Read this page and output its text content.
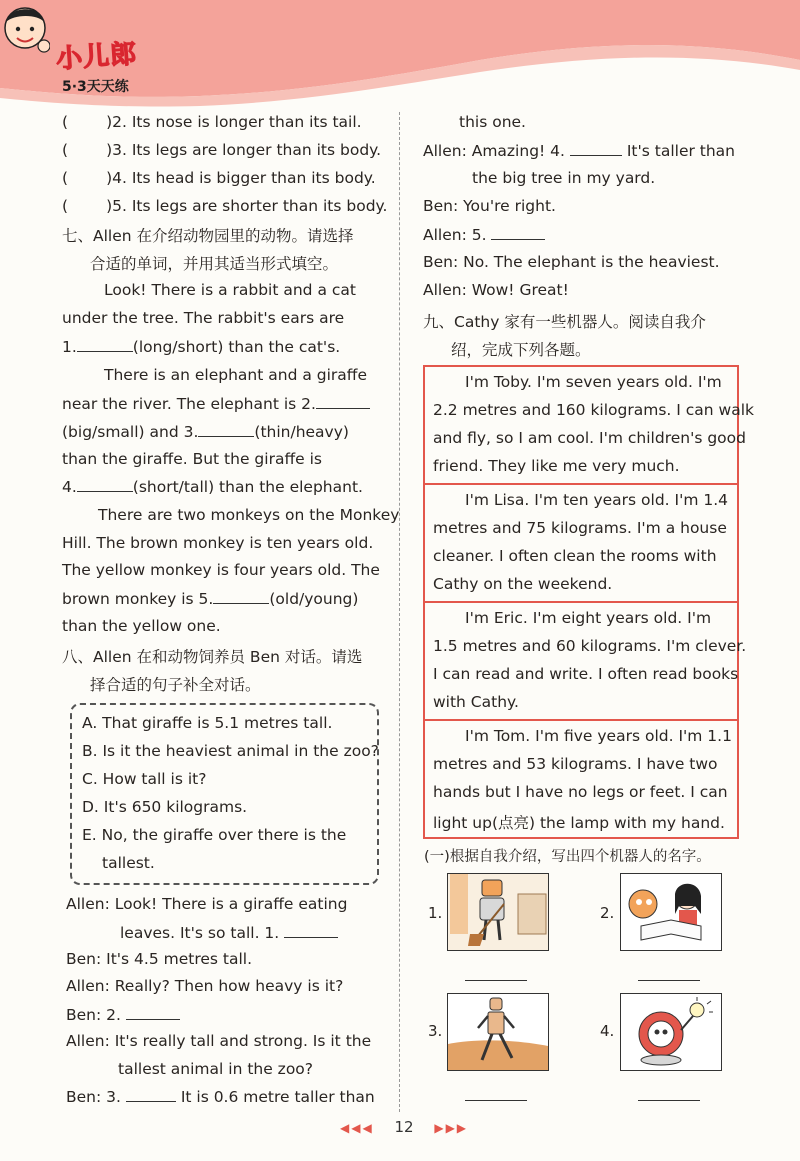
小儿郎
5·3天天练
( )2. Its nose is longer than its tail.
( )3. Its legs are longer than its body.
( )4. Its head is bigger than its body.
( )5. Its legs are shorter than its body.
七、Allen 在介绍动物园里的动物。请选择
合适的单词，并用其适当形式填空。
Look! There is a rabbit and a cat
under the tree. The rabbit's ears are
1.	(long/short) than the cat's.
There is an elephant and a giraffe
near the river. The elephant is 2.
(big/small) and 3.	(thin/heavy)
than the giraffe. But the giraffe is
4.	(short/tall) than the elephant.
There are two monkeys on the Monkey
Hill. The brown monkey is ten years old.
The yellow monkey is four years old. The
brown monkey is 5.	(old/young)
than the yellow one.
八、Allen 在和动物饲养员 Ben 对话。请选
择合适的句子补全对话。
A. That giraffe is 5.1 metres tall.
B. Is it the heaviest animal in the zoo?
C. How tall is it?
D. It's 650 kilograms.
E. No, the giraffe over there is the
tallest.
Allen: Look! There is a giraffe eating
leaves. It's so tall. 1.
Ben: It's 4.5 metres tall.
Allen: Really? Then how heavy is it?
Ben: 2.
Allen: It's really tall and strong. Is it the
tallest animal in the zoo?
Ben: 3.	It is 0.6 metre taller than
this one.
Allen: Amazing! 4.	It's taller than
the big tree in my yard.
Ben: You're right.
Allen: 5.
Ben: No. The elephant is the heaviest.
Allen: Wow! Great!
九、Cathy 家有一些机器人。阅读自我介
绍，完成下列各题。
I'm Toby. I'm seven years old. I'm
2.2 metres and 160 kilograms. I can walk
and fly, so I am cool. I'm children's good
friend. They like me very much.
I'm Lisa. I'm ten years old. I'm 1.4
metres and 75 kilograms. I'm a house
cleaner. I often clean the rooms with
Cathy on the weekend.
I'm Eric. I'm eight years old. I'm
1.5 metres and 60 kilograms. I'm clever.
I can read and write. I often read books
with Cathy.
I'm Tom. I'm five years old. I'm 1.1
metres and 53 kilograms. I have two
hands but I have no legs or feet. I can
light up(点亮) the lamp with my hand.
(一)根据自我介绍，写出四个机器人的名字。
1.	2.
3.	4.
◀◀◀ 12 ▶▶▶
